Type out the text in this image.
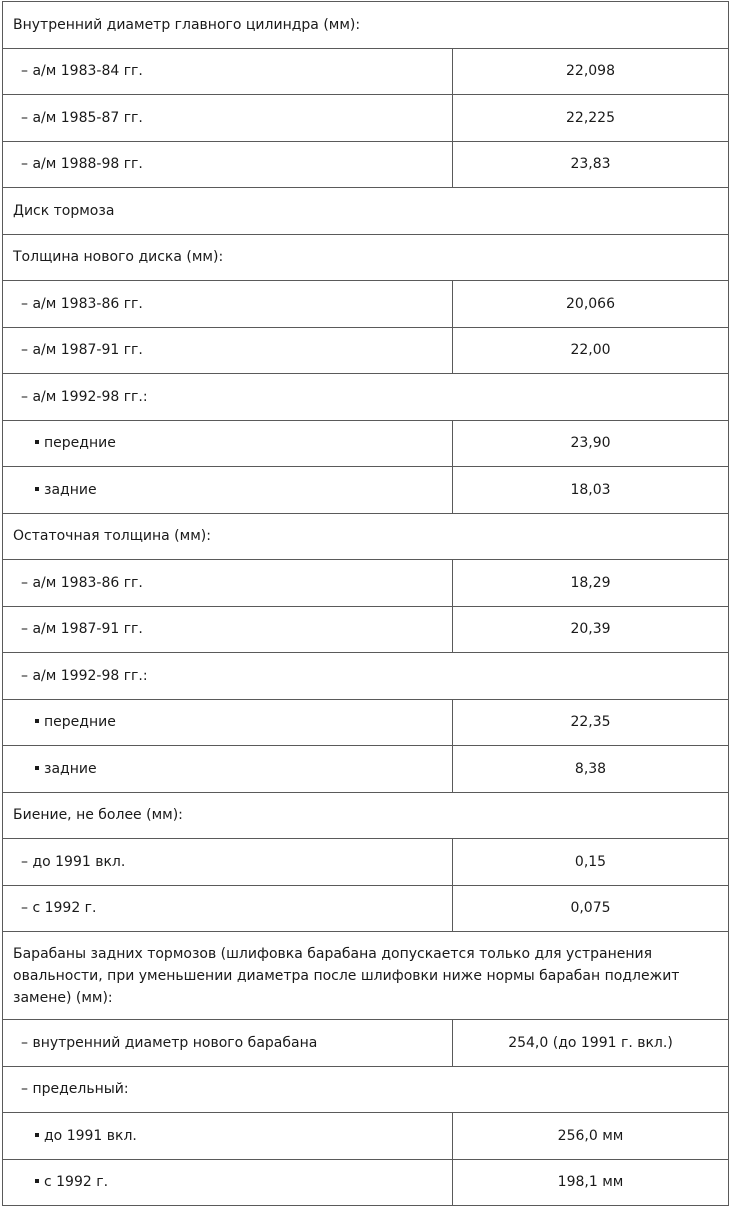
Внутренний диаметр главного цилиндра (мм):	
– а/м 1983-84 гг.	22,098
– а/м 1985-87 гг.	22,225
– а/м 1988-98 гг.	23,83
Диск тормоза	
Толщина нового диска (мм):	
– а/м 1983-86 гг.	20,066
– а/м 1987-91 гг.	22,00
– а/м 1992-98 гг.:	
передние	23,90
задние	18,03
Остаточная толщина (мм):	
– а/м 1983-86 гг.	18,29
– а/м 1987-91 гг.	20,39
– а/м 1992-98 гг.:	
передние	22,35
задние	8,38
Биение, не более (мм):	
– до 1991 вкл.	0,15
– с 1992 г.	0,075
Барабаны задних тормозов (шлифовка барабана допускается только для устранения овальности, при уменьшении диаметра после шлифовки ниже нормы барабан подлежит замене) (мм):	
– внутренний диаметр нового барабана	254,0 (до 1991 г. вкл.)
– предельный:	
до 1991 вкл.	256,0 мм
с 1992 г.	198,1 мм
